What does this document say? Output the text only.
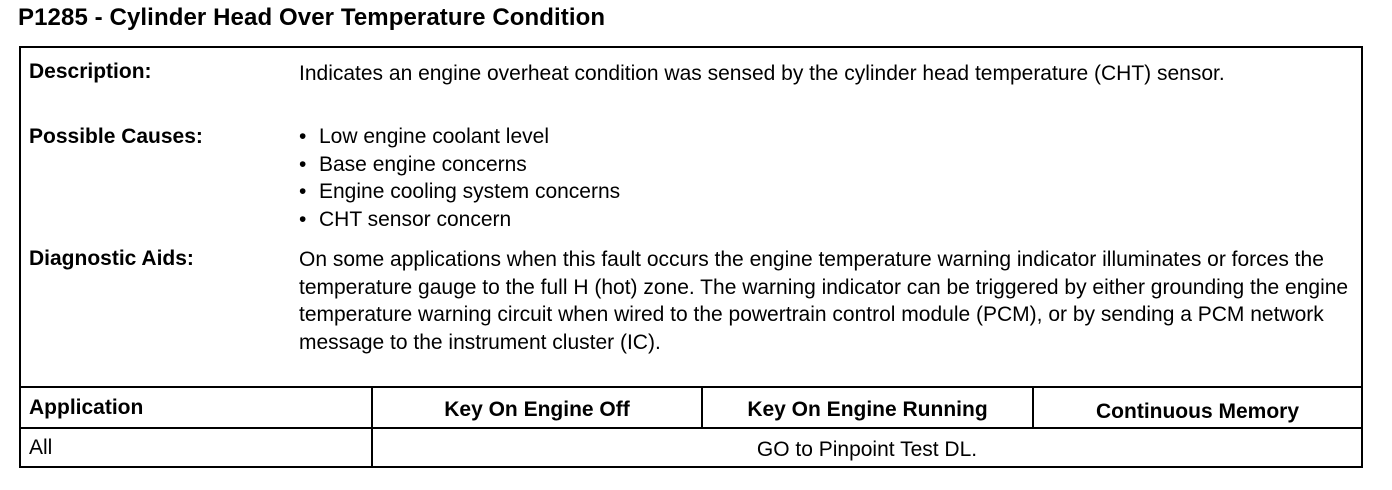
P1285 - Cylinder Head Over Temperature Condition
Description:	Indicates an engine overheat condition was sensed by the cylinder head temperature (CHT) sensor.
Possible Causes:	• Low engine coolant level
• Base engine concerns
• Engine cooling system concerns
• CHT sensor concern
Diagnostic Aids:	On some applications when this fault occurs the engine temperature warning indicator illuminates or forces the temperature gauge to the full H (hot) zone. The warning indicator can be triggered by either grounding the engine temperature warning circuit when wired to the powertrain control module (PCM), or by sending a PCM network message to the instrument cluster (IC).
Application	Key On Engine Off	Key On Engine Running	Continuous Memory
All	GO to Pinpoint Test DL.
